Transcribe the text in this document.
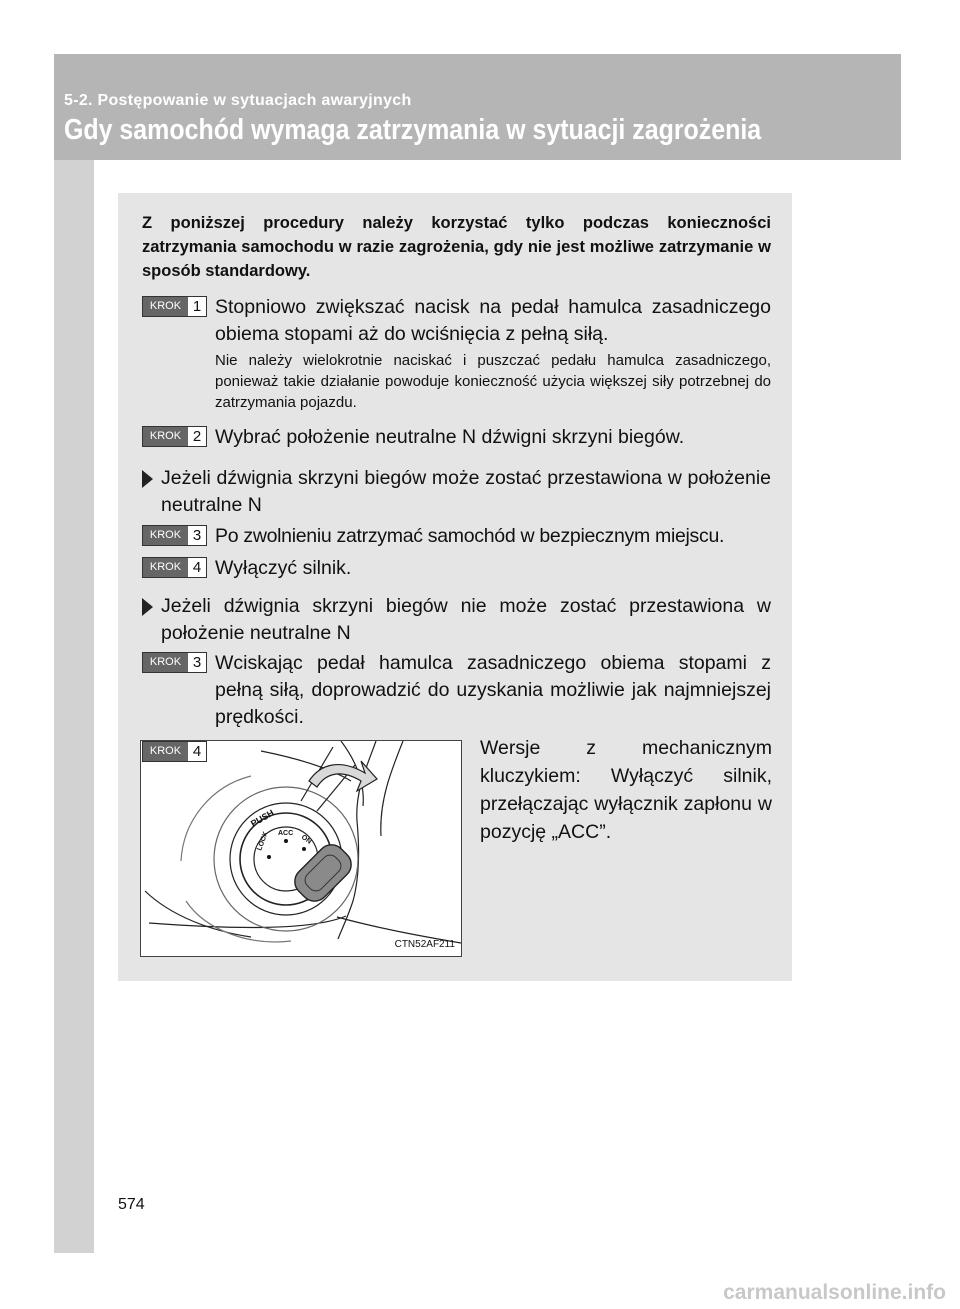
5-2. Postępowanie w sytuacjach awaryjnych
Gdy samochód wymaga zatrzymania w sytuacji zagrożenia
Z poniższej procedury należy korzystać tylko podczas konieczności zatrzymania samochodu w razie zagrożenia, gdy nie jest możliwe zatrzymanie w sposób standardowy.
KROK 1 Stopniowo zwiększać nacisk na pedał hamulca zasadniczego obiema stopami aż do wciśnięcia z pełną siłą.
Nie należy wielokrotnie naciskać i puszczać pedału hamulca zasadniczego, ponieważ takie działanie powoduje konieczność użycia większej siły potrzebnej do zatrzymania pojazdu.
KROK 2 Wybrać położenie neutralne N dźwigni skrzyni biegów.
Jeżeli dźwignia skrzyni biegów może zostać przestawiona w położenie neutralne N
KROK 3 Po zwolnieniu zatrzymać samochód w bezpiecznym miejscu.
KROK 4 Wyłączyć silnik.
Jeżeli dźwignia skrzyni biegów nie może zostać przestawiona w położenie neutralne N
KROK 3 Wciskając pedał hamulca zasadniczego obiema stopami z pełną siłą, doprowadzić do uzyskania możliwie jak najmniejszej prędkości.
PUSH
LOCK ACC
ON
CTN52AF211
KROK 4	Wersje z mechanicznym kluczykiem: Wyłączyć silnik, przełączając wyłącznik zapłonu w pozycję „ACC”.
574
carmanualsonline.info
